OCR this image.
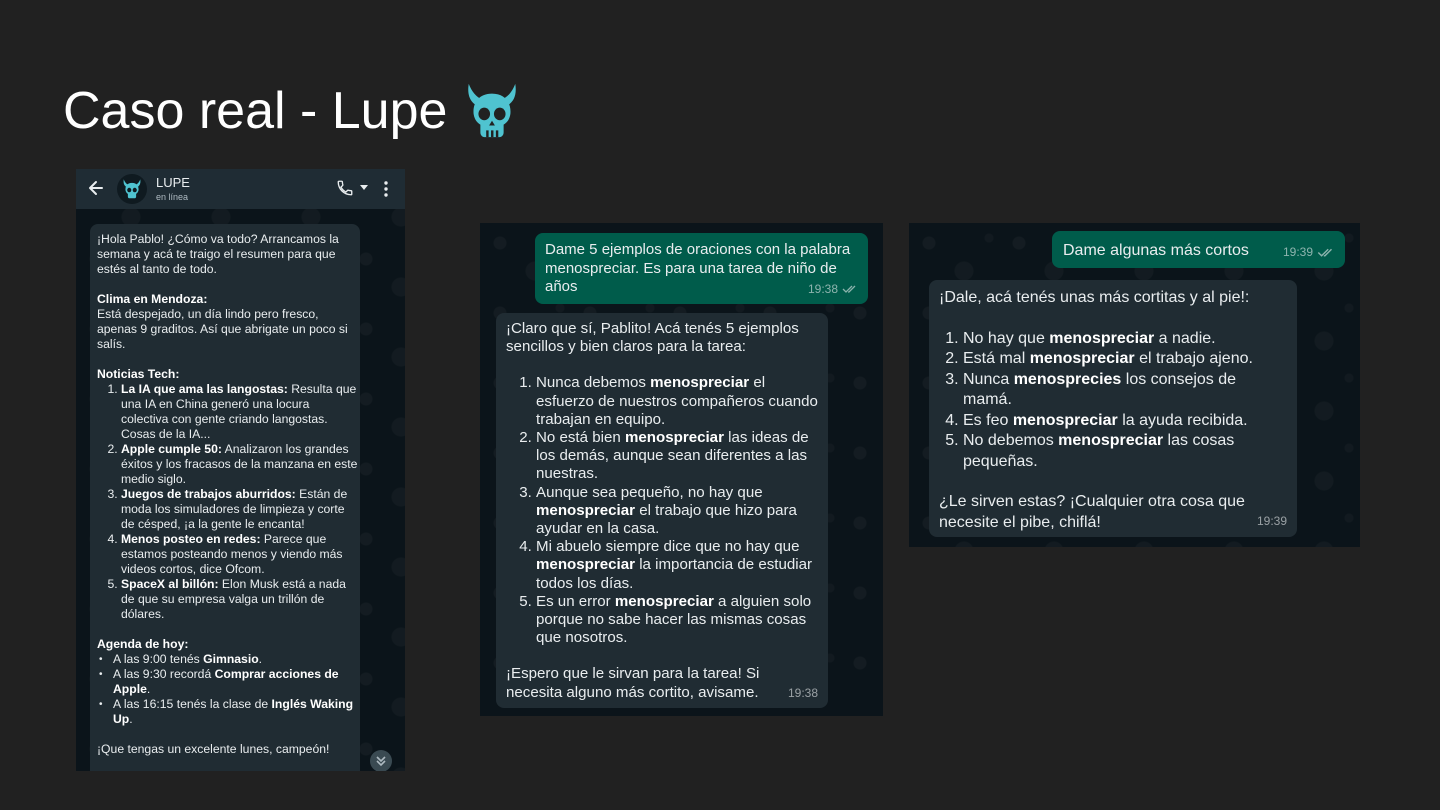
Caso real - Lupe
LUPE
en línea

¡Hola Pablo! ¿Cómo va todo? Arrancamos la semana y acá te traigo el resumen para que estés al tanto de todo.

Clima en Mendoza:

Está despejado, un día lindo pero fresco, apenas 9 graditos. Así que abrigate un poco si salís.

Noticias Tech:

1. La IA que ama las langostas: Resulta que una IA en China generó una locura colectiva con gente criando langostas. Cosas de la IA...
2. Apple cumple 50: Analizaron los grandes éxitos y los fracasos de la manzana en este medio siglo.
3. Juegos de trabajos aburridos: Están de moda los simuladores de limpieza y corte de césped, ¡a la gente le encanta!
4. Menos posteo en redes: Parece que estamos posteando menos y viendo más videos cortos, dice Ofcom.
5. SpaceX al billón: Elon Musk está a nada de que su empresa valga un trillón de dólares.

Agenda de hoy:

• A las 9:00 tenés Gimnasio.
• A las 9:30 recordá Comprar acciones de Apple.
• A las 16:15 tenés la clase de Inglés Waking Up.

¡Que tengas un excelente lunes, campeón!

Dame 5 ejemplos de oraciones con la palabra menospreciar. Es para una tarea de niño de años	19:38

¡Claro que sí, Pablito! Acá tenés 5 ejemplos sencillos y bien claros para la tarea:

1. Nunca debemos menospreciar el esfuerzo de nuestros compañeros cuando trabajan en equipo.
2. No está bien menospreciar las ideas de los demás, aunque sean diferentes a las nuestras.
3. Aunque sea pequeño, no hay que menospreciar el trabajo que hizo para ayudar en la casa.
4. Mi abuelo siempre dice que no hay que menospreciar la importancia de estudiar todos los días.
5. Es un error menospreciar a alguien solo porque no sabe hacer las mismas cosas que nosotros.

¡Espero que le sirvan para la tarea! Si necesita alguno más cortito, avisame.	19:38
Dame algunas más cortos	19:39

¡Dale, acá tenés unas más cortitas y al pie!:

1. No hay que menospreciar a nadie.
2. Está mal menospreciar el trabajo ajeno.
3. Nunca menosprecies los consejos de mamá.
4. Es feo menospreciar la ayuda recibida.
5. No debemos menospreciar las cosas pequeñas.

¿Le sirven estas? ¡Cualquier otra cosa que necesite el pibe, chiflá!	19:39
